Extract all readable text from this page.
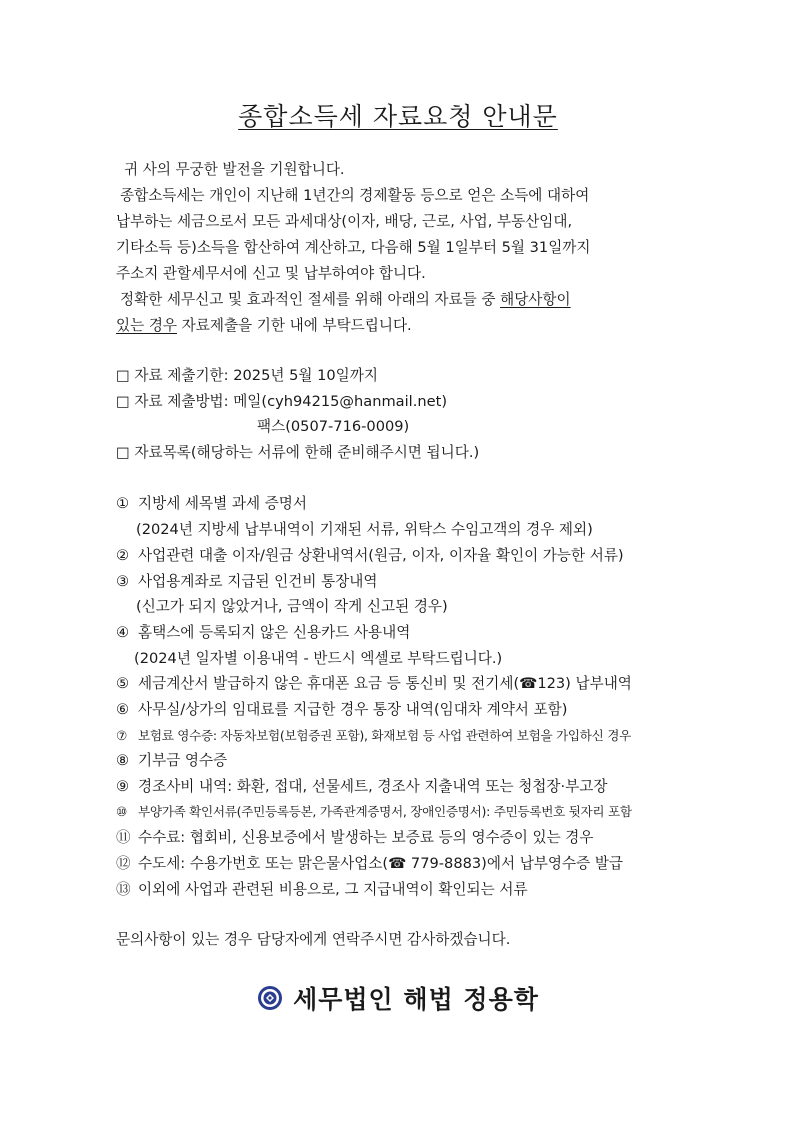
종합소득세 자료요청 안내문
귀 사의 무궁한 발전을 기원합니다.
종합소득세는 개인이 지난해 1년간의 경제활동 등으로 얻은 소득에 대하여
납부하는 세금으로서 모든 과세대상(이자, 배당, 근로, 사업, 부동산임대,
기타소득 등)소득을 합산하여 계산하고, 다음해 5월 1일부터 5월 31일까지
주소지 관할세무서에 신고 및 납부하여야 합니다.
정확한 세무신고 및 효과적인 절세를 위해 아래의 자료들 중 해당사항이
있는 경우 자료제출을 기한 내에 부탁드립니다.
□ 자료 제출기한: 2025년 5월 10일까지
□ 자료 제출방법: 메일(cyh94215@hanmail.net)
팩스(0507-716-0009)
□ 자료목록(해당하는 서류에 한해 준비해주시면 됩니다.)
① 지방세 세목별 과세 증명서
(2024년 지방세 납부내역이 기재된 서류, 위탁스 수임고객의 경우 제외)
② 사업관련 대출 이자/원금 상환내역서(원금, 이자, 이자율 확인이 가능한 서류)
③ 사업용계좌로 지급된 인건비 통장내역
(신고가 되지 않았거나, 금액이 작게 신고된 경우)
④ 홈택스에 등록되지 않은 신용카드 사용내역
(2024년 일자별 이용내역 - 반드시 엑셀로 부탁드립니다.)
⑤ 세금계산서 발급하지 않은 휴대폰 요금 등 통신비 및 전기세(☎123) 납부내역
⑥ 사무실/상가의 임대료를 지급한 경우 통장 내역(임대차 계약서 포함)
⑦ 보험료 영수증: 자동차보험(보험증권 포함), 화재보험 등 사업 관련하여 보험을 가입하신 경우
⑧ 기부금 영수증
⑨ 경조사비 내역: 화환, 접대, 선물세트, 경조사 지출내역 또는 청첩장·부고장
⑩ 부양가족 확인서류(주민등록등본, 가족관계증명서, 장애인증명서): 주민등록번호 뒷자리 포함
⑪ 수수료: 협회비, 신용보증에서 발생하는 보증료 등의 영수증이 있는 경우
⑫ 수도세: 수용가번호 또는 맑은물사업소(☎ 779-8883)에서 납부영수증 발급
⑬ 이외에 사업과 관련된 비용으로, 그 지급내역이 확인되는 서류
문의사항이 있는 경우 담당자에게 연락주시면 감사하겠습니다.
세무법인 해법 정용학
